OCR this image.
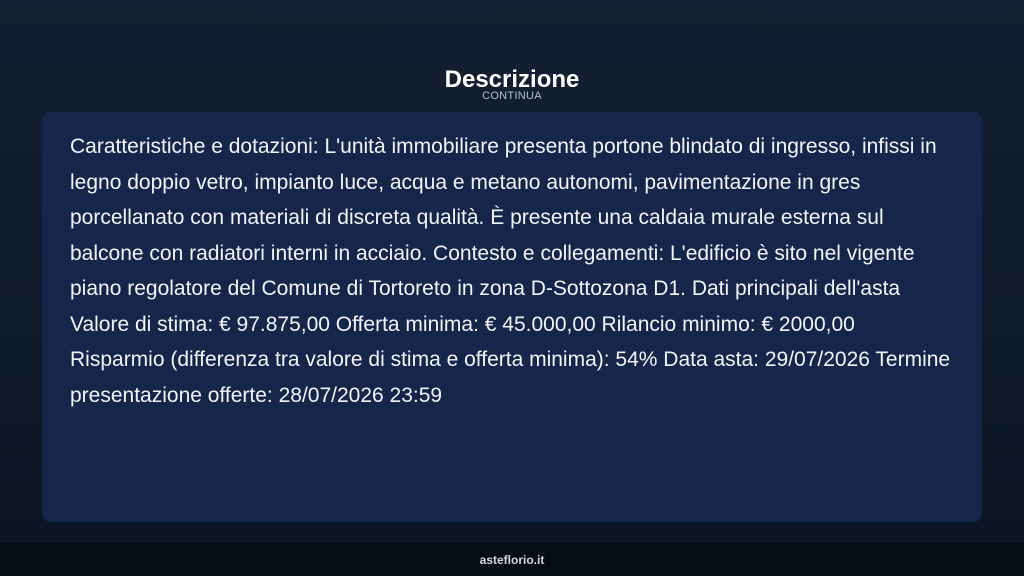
Descrizione
CONTINUA

Caratteristiche e dotazioni: L'unità immobiliare presenta portone blindato di ingresso, infissi in legno doppio vetro, impianto luce, acqua e metano autonomi, pavimentazione in gres porcellanato con materiali di discreta qualità. È presente una caldaia murale esterna sul balcone con radiatori interni in acciaio. Contesto e collegamenti: L'edificio è sito nel vigente piano regolatore del Comune di Tortoreto in zona D-Sottozona D1. Dati principali dell'asta Valore di stima: € 97.875,00 Offerta minima: € 45.000,00 Rilancio minimo: € 2000,00 Risparmio (differenza tra valore di stima e offerta minima): 54% Data asta: 29/07/2026 Termine presentazione offerte: 28/07/2026 23:59

asteflorio.it
